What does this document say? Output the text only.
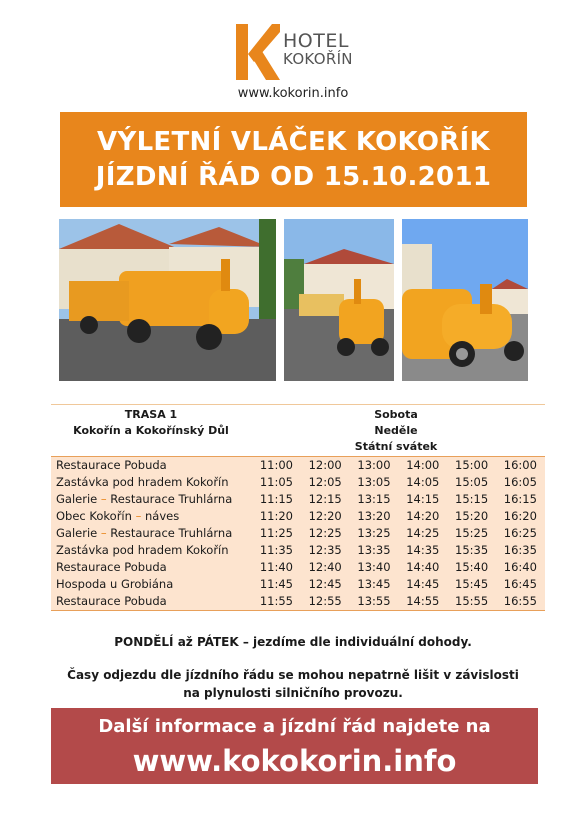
HOTEL
KOKOŘÍN
www.kokorin.info
VÝLETNÍ VLÁČEK KOKOŘÍK
JÍZDNÍ ŘÁD OD 15.10.2011
TRASA 1
Kokořín a Kokořínský Důl
Sobota
Neděle
Státní svátek
Restaurace Pobuda	11:00	12:00	13:00	14:00	15:00	16:00
Zastávka pod hradem Kokořín	11:05	12:05	13:05	14:05	15:05	16:05
Galerie – Restaurace Truhlárna	11:15	12:15	13:15	14:15	15:15	16:15
Obec Kokořín – náves	11:20	12:20	13:20	14:20	15:20	16:20
Galerie – Restaurace Truhlárna	11:25	12:25	13:25	14:25	15:25	16:25
Zastávka pod hradem Kokořín	11:35	12:35	13:35	14:35	15:35	16:35
Restaurace Pobuda	11:40	12:40	13:40	14:40	15:40	16:40
Hospoda u Grobiána	11:45	12:45	13:45	14:45	15:45	16:45
Restaurace Pobuda	11:55	12:55	13:55	14:55	15:55	16:55
PONDĚLÍ až PÁTEK – jezdíme dle individuální dohody.
Časy odjezdu dle jízdního řádu se mohou nepatrně lišit v závislosti
na plynulosti silničního provozu.
Další informace a jízdní řád najdete na
www.kokokorin.info
